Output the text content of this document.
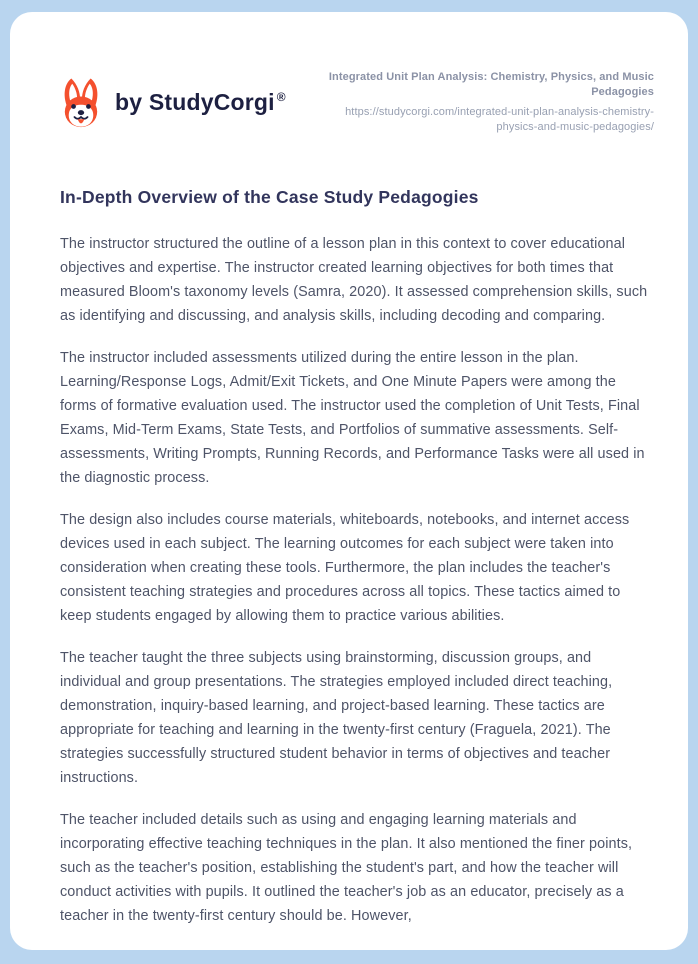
by StudyCorgi ®
Integrated Unit Plan Analysis: Chemistry, Physics, and Music Pedagogies
https://studycorgi.com/integrated-unit-plan-analysis-chemistry-physics-and-music-pedagogies/
In-Depth Overview of the Case Study Pedagogies

The instructor structured the outline of a lesson plan in this context to cover educational objectives and expertise. The instructor created learning objectives for both times that measured Bloom's taxonomy levels (Samra, 2020). It assessed comprehension skills, such as identifying and discussing, and analysis skills, including decoding and comparing.

The instructor included assessments utilized during the entire lesson in the plan. Learning/Response Logs, Admit/Exit Tickets, and One Minute Papers were among the forms of formative evaluation used. The instructor used the completion of Unit Tests, Final Exams, Mid-Term Exams, State Tests, and Portfolios of summative assessments. Self-assessments, Writing Prompts, Running Records, and Performance Tasks were all used in the diagnostic process.

The design also includes course materials, whiteboards, notebooks, and internet access devices used in each subject. The learning outcomes for each subject were taken into consideration when creating these tools. Furthermore, the plan includes the teacher's consistent teaching strategies and procedures across all topics. These tactics aimed to keep students engaged by allowing them to practice various abilities.

The teacher taught the three subjects using brainstorming, discussion groups, and individual and group presentations. The strategies employed included direct teaching, demonstration, inquiry-based learning, and project-based learning. These tactics are appropriate for teaching and learning in the twenty-first century (Fraguela, 2021). The strategies successfully structured student behavior in terms of objectives and teacher instructions.

The teacher included details such as using and engaging learning materials and incorporating effective teaching techniques in the plan. It also mentioned the finer points, such as the teacher's position, establishing the student's part, and how the teacher will conduct activities with pupils. It outlined the teacher's job as an educator, precisely as a teacher in the twenty-first century should be. However,
